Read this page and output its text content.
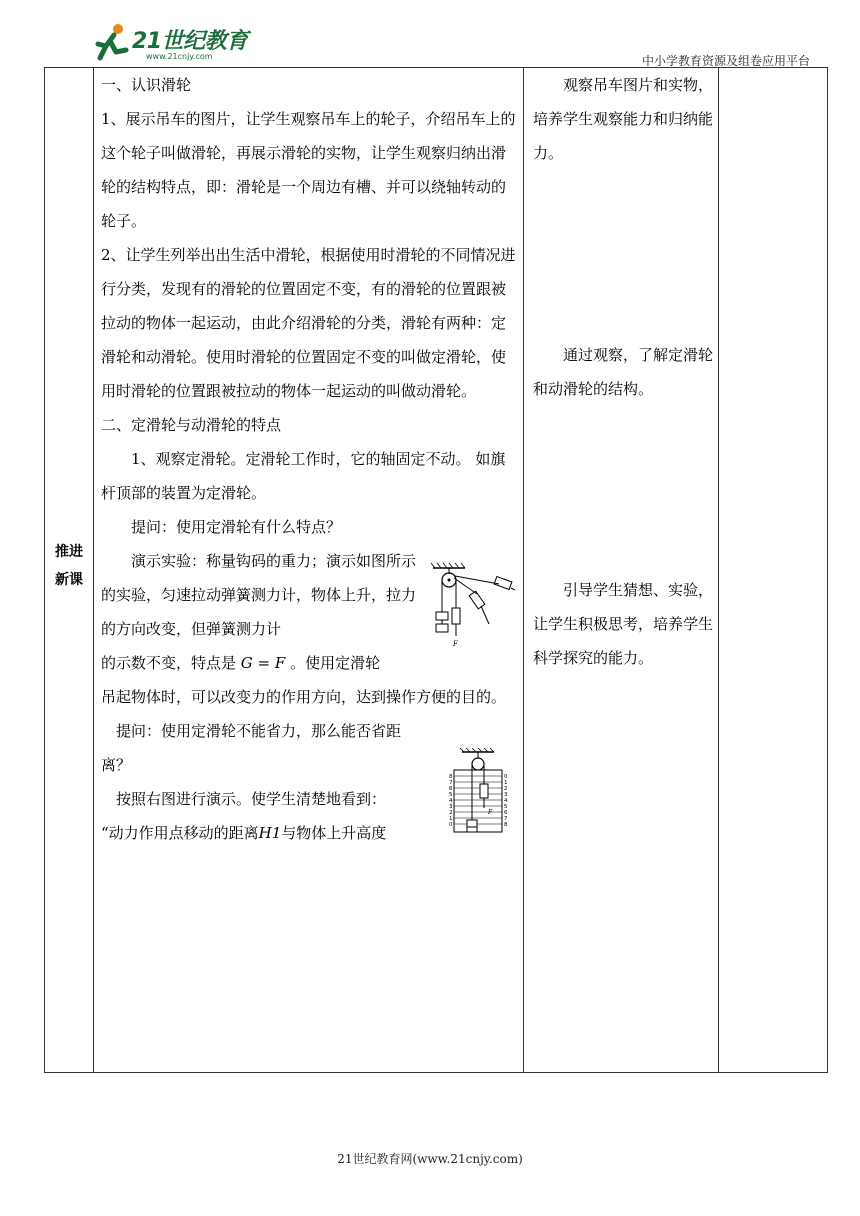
21世纪教育
www.21cnjy.com	中小学教育资源及组卷应用平台
推进
新课

一、认识滑轮

1、展示吊车的图片，让学生观察吊车上的轮子，介绍吊车上的这个轮子叫做滑轮，再展示滑轮的实物，让学生观察归纳出滑轮的结构特点，即：滑轮是一个周边有槽、并可以绕轴转动的轮子。

2、让学生列举出出生活中滑轮，根据使用时滑轮的不同情况进行分类，发现有的滑轮的位置固定不变，有的滑轮的位置跟被拉动的物体一起运动，由此介绍滑轮的分类，滑轮有两种：定滑轮和动滑轮。使用时滑轮的位置固定不变的叫做定滑轮，使用时滑轮的位置跟被拉动的物体一起运动的叫做动滑轮。

二、定滑轮与动滑轮的特点

1、观察定滑轮。定滑轮工作时，它的轴固定不动。 如旗杆顶部的装置为定滑轮。

提问：使用定滑轮有什么特点？

演示实验：称量钩码的重力；演示如图所示的实验，匀速拉动弹簧测力计，物体上升，拉力的方向改变，但弹簧测力计

的示数不变，特点是 G = F 。使用定滑轮

吊起物体时，可以改变力的作用方向，达到操作方便的目的。

提问：使用定滑轮不能省力，那么能否省距离？

按照右图进行演示。使学生清楚地看到：

“动力作用点移动的距离H1与物体上升高度

观察吊车图片和实物，培养学生观察能力和归纳能力。

通过观察，了解定滑轮和动滑轮的结构。

引导学生猜想、实验，让学生积极思考，培养学生科学探究的能力。

F
8
7
6
5
4
3
2
1
0
0
1
2
3
4
5
6
7
8
F
21世纪教育网(www.21cnjy.com)
